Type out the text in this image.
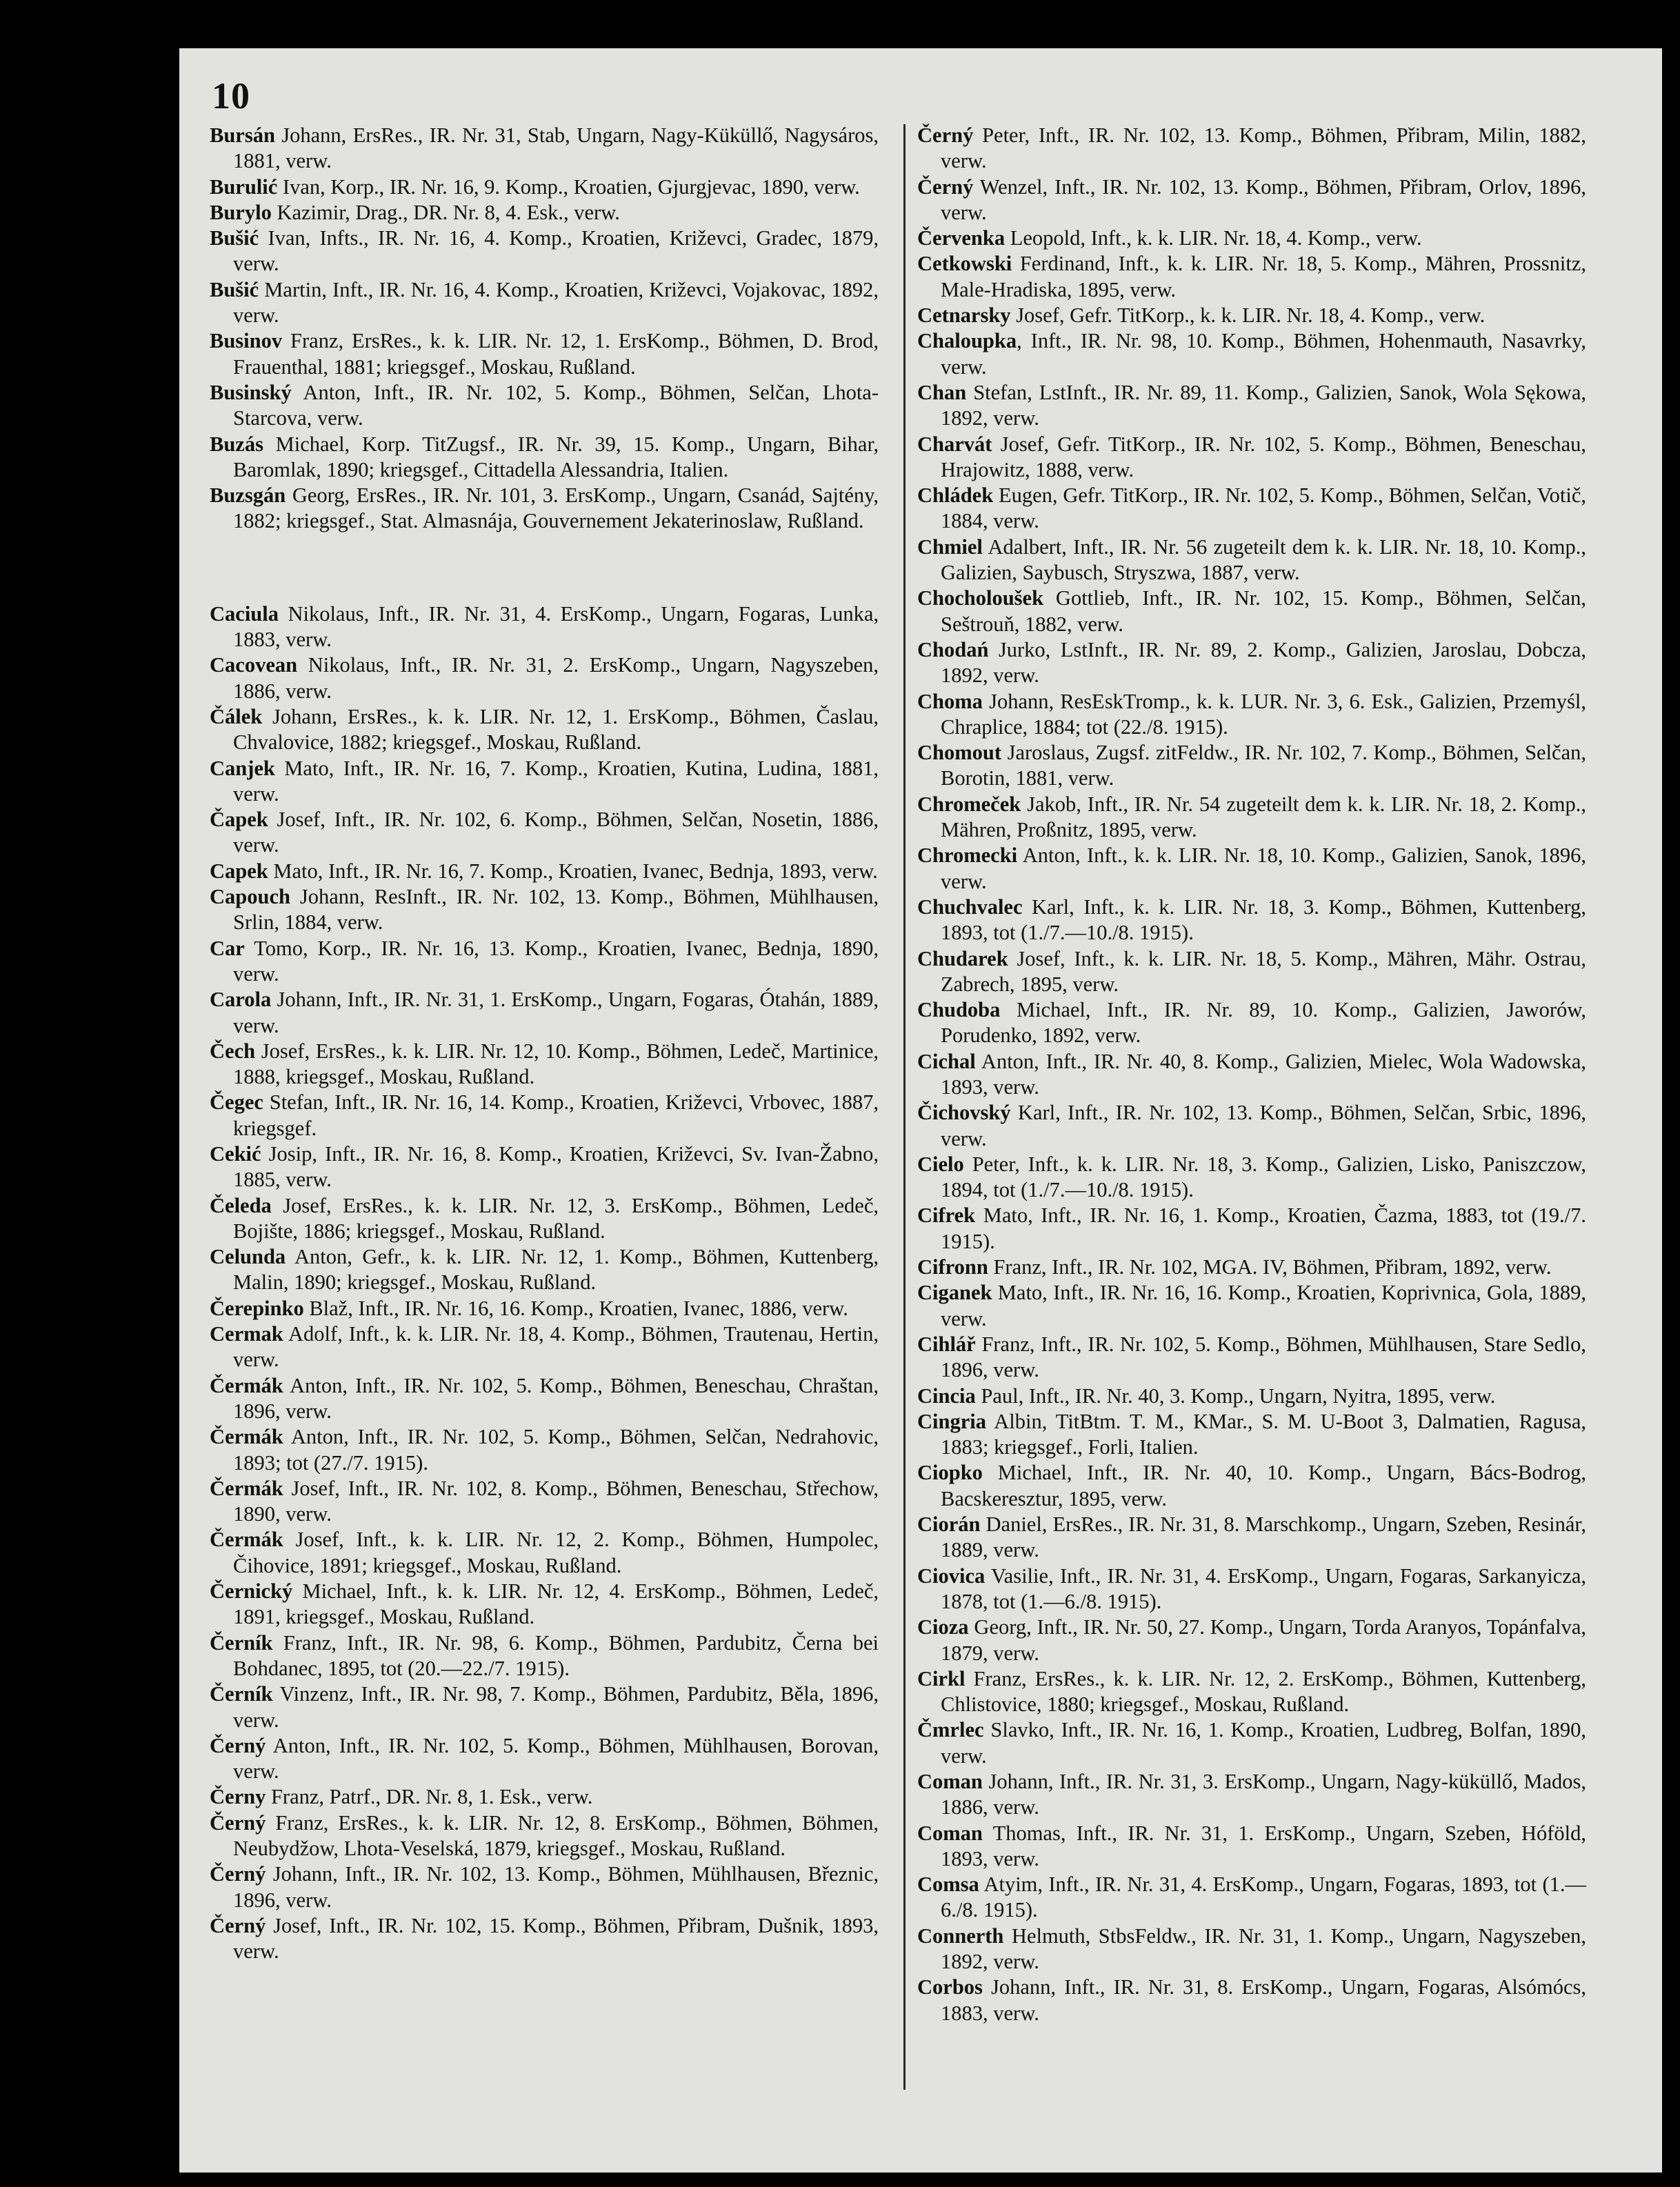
10
Bursán Johann, ErsRes., IR. Nr. 31, Stab, Ungarn, Nagy-Küküllő, Nagysáros, 1881, verw.
Burulić Ivan, Korp., IR. Nr. 16, 9. Komp., Kroatien, Gjurgjevac, 1890, verw.
Burylo Kazimir, Drag., DR. Nr. 8, 4. Esk., verw.
Bušić Ivan, Infts., IR. Nr. 16, 4. Komp., Kroatien, Križevci, Gradec, 1879, verw.
Bušić Martin, Inft., IR. Nr. 16, 4. Komp., Kroatien, Križevci, Vojakovac, 1892, verw.
Businov Franz, ErsRes., k. k. LIR. Nr. 12, 1. ErsKomp., Böhmen, D. Brod, Frauenthal, 1881; kriegsgef., Moskau, Rußland.
Businský Anton, Inft., IR. Nr. 102, 5. Komp., Böhmen, Selčan, Lhota-Starcova, verw.
Buzás Michael, Korp. TitZugsf., IR. Nr. 39, 15. Komp., Ungarn, Bihar, Baromlak, 1890; kriegsgef., Cittadella Alessandria, Italien.
Buzsgán Georg, ErsRes., IR. Nr. 101, 3. ErsKomp., Ungarn, Csanád, Sajtény, 1882; kriegsgef., Stat. Almasnája, Gouvernement Jekaterinoslaw, Rußland.
Caciula Nikolaus, Inft., IR. Nr. 31, 4. ErsKomp., Ungarn, Fogaras, Lunka, 1883, verw.
Cacovean Nikolaus, Inft., IR. Nr. 31, 2. ErsKomp., Ungarn, Nagyszeben, 1886, verw.
Čálek Johann, ErsRes., k. k. LIR. Nr. 12, 1. ErsKomp., Böhmen, Časlau, Chvalovice, 1882; kriegsgef., Moskau, Rußland.
Canjek Mato, Inft., IR. Nr. 16, 7. Komp., Kroatien, Kutina, Ludina, 1881, verw.
Čapek Josef, Inft., IR. Nr. 102, 6. Komp., Böhmen, Selčan, Nosetin, 1886, verw.
Capek Mato, Inft., IR. Nr. 16, 7. Komp., Kroatien, Ivanec, Bednja, 1893, verw.
Capouch Johann, ResInft., IR. Nr. 102, 13. Komp., Böhmen, Mühlhausen, Srlin, 1884, verw.
Car Tomo, Korp., IR. Nr. 16, 13. Komp., Kroatien, Ivanec, Bednja, 1890, verw.
Carola Johann, Inft., IR. Nr. 31, 1. ErsKomp., Ungarn, Fogaras, Ótahán, 1889, verw.
Čech Josef, ErsRes., k. k. LIR. Nr. 12, 10. Komp., Böhmen, Ledeč, Martinice, 1888, kriegsgef., Moskau, Rußland.
Čegec Stefan, Inft., IR. Nr. 16, 14. Komp., Kroatien, Križevci, Vrbovec, 1887, kriegsgef.
Cekić Josip, Inft., IR. Nr. 16, 8. Komp., Kroatien, Križevci, Sv. Ivan-Žabno, 1885, verw.
Čeleda Josef, ErsRes., k. k. LIR. Nr. 12, 3. ErsKomp., Böhmen, Ledeč, Bojište, 1886; kriegsgef., Moskau, Rußland.
Celunda Anton, Gefr., k. k. LIR. Nr. 12, 1. Komp., Böhmen, Kuttenberg, Malin, 1890; kriegsgef., Moskau, Rußland.
Čerepinko Blaž, Inft., IR. Nr. 16, 16. Komp., Kroatien, Ivanec, 1886, verw.
Cermak Adolf, Inft., k. k. LIR. Nr. 18, 4. Komp., Böhmen, Trautenau, Hertin, verw.
Čermák Anton, Inft., IR. Nr. 102, 5. Komp., Böhmen, Beneschau, Chraštan, 1896, verw.
Čermák Anton, Inft., IR. Nr. 102, 5. Komp., Böhmen, Selčan, Nedrahovic, 1893; tot (27./7. 1915).
Čermák Josef, Inft., IR. Nr. 102, 8. Komp., Böhmen, Beneschau, Střechow, 1890, verw.
Čermák Josef, Inft., k. k. LIR. Nr. 12, 2. Komp., Böhmen, Humpolec, Čihovice, 1891; kriegsgef., Moskau, Rußland.
Černický Michael, Inft., k. k. LIR. Nr. 12, 4. ErsKomp., Böhmen, Ledeč, 1891, kriegsgef., Moskau, Rußland.
Černík Franz, Inft., IR. Nr. 98, 6. Komp., Böhmen, Pardubitz, Černa bei Bohdanec, 1895, tot (20.—22./7. 1915).
Černík Vinzenz, Inft., IR. Nr. 98, 7. Komp., Böhmen, Pardubitz, Běla, 1896, verw.
Černý Anton, Inft., IR. Nr. 102, 5. Komp., Böhmen, Mühlhausen, Borovan, verw.
Černy Franz, Patrf., DR. Nr. 8, 1. Esk., verw.
Černý Franz, ErsRes., k. k. LIR. Nr. 12, 8. ErsKomp., Böhmen, Böhmen, Neubydžow, Lhota-Veselská, 1879, kriegsgef., Moskau, Rußland.
Černý Johann, Inft., IR. Nr. 102, 13. Komp., Böhmen, Mühlhausen, Březnic, 1896, verw.
Černý Josef, Inft., IR. Nr. 102, 15. Komp., Böhmen, Přibram, Dušnik, 1893, verw.
Černý Peter, Inft., IR. Nr. 102, 13. Komp., Böhmen, Přibram, Milin, 1882, verw.
Černý Wenzel, Inft., IR. Nr. 102, 13. Komp., Böhmen, Přibram, Orlov, 1896, verw.
Červenka Leopold, Inft., k. k. LIR. Nr. 18, 4. Komp., verw.
Cetkowski Ferdinand, Inft., k. k. LIR. Nr. 18, 5. Komp., Mähren, Prossnitz, Male-Hradiska, 1895, verw.
Cetnarsky Josef, Gefr. TitKorp., k. k. LIR. Nr. 18, 4. Komp., verw.
Chaloupka, Inft., IR. Nr. 98, 10. Komp., Böhmen, Hohenmauth, Nasavrky, verw.
Chan Stefan, LstInft., IR. Nr. 89, 11. Komp., Galizien, Sanok, Wola Sękowa, 1892, verw.
Charvát Josef, Gefr. TitKorp., IR. Nr. 102, 5. Komp., Böhmen, Beneschau, Hrajowitz, 1888, verw.
Chládek Eugen, Gefr. TitKorp., IR. Nr. 102, 5. Komp., Böhmen, Selčan, Votič, 1884, verw.
Chmiel Adalbert, Inft., IR. Nr. 56 zugeteilt dem k. k. LIR. Nr. 18, 10. Komp., Galizien, Saybusch, Stryszwa, 1887, verw.
Chocholoušek Gottlieb, Inft., IR. Nr. 102, 15. Komp., Böhmen, Selčan, Seštrouň, 1882, verw.
Chodań Jurko, LstInft., IR. Nr. 89, 2. Komp., Galizien, Jaroslau, Dobcza, 1892, verw.
Choma Johann, ResEskTromp., k. k. LUR. Nr. 3, 6. Esk., Galizien, Przemyśl, Chraplice, 1884; tot (22./8. 1915).
Chomout Jaroslaus, Zugsf. zitFeldw., IR. Nr. 102, 7. Komp., Böhmen, Selčan, Borotin, 1881, verw.
Chromeček Jakob, Inft., IR. Nr. 54 zugeteilt dem k. k. LIR. Nr. 18, 2. Komp., Mähren, Proßnitz, 1895, verw.
Chromecki Anton, Inft., k. k. LIR. Nr. 18, 10. Komp., Galizien, Sanok, 1896, verw.
Chuchvalec Karl, Inft., k. k. LIR. Nr. 18, 3. Komp., Böhmen, Kuttenberg, 1893, tot (1./7.—10./8. 1915).
Chudarek Josef, Inft., k. k. LIR. Nr. 18, 5. Komp., Mähren, Mähr. Ostrau, Zabrech, 1895, verw.
Chudoba Michael, Inft., IR. Nr. 89, 10. Komp., Galizien, Jaworów, Porudenko, 1892, verw.
Cichal Anton, Inft., IR. Nr. 40, 8. Komp., Galizien, Mielec, Wola Wadowska, 1893, verw.
Čichovský Karl, Inft., IR. Nr. 102, 13. Komp., Böhmen, Selčan, Srbic, 1896, verw.
Cielo Peter, Inft., k. k. LIR. Nr. 18, 3. Komp., Galizien, Lisko, Paniszczow, 1894, tot (1./7.—10./8. 1915).
Cifrek Mato, Inft., IR. Nr. 16, 1. Komp., Kroatien, Čazma, 1883, tot (19./7. 1915).
Cifronn Franz, Inft., IR. Nr. 102, MGA. IV, Böhmen, Přibram, 1892, verw.
Ciganek Mato, Inft., IR. Nr. 16, 16. Komp., Kroatien, Koprivnica, Gola, 1889, verw.
Cihlář Franz, Inft., IR. Nr. 102, 5. Komp., Böhmen, Mühlhausen, Stare Sedlo, 1896, verw.
Cincia Paul, Inft., IR. Nr. 40, 3. Komp., Ungarn, Nyitra, 1895, verw.
Cingria Albin, TitBtm. T. M., KMar., S. M. U-Boot 3, Dalmatien, Ragusa, 1883; kriegsgef., Forli, Italien.
Ciopko Michael, Inft., IR. Nr. 40, 10. Komp., Ungarn, Bács-Bodrog, Bacskeresztur, 1895, verw.
Ciorán Daniel, ErsRes., IR. Nr. 31, 8. Marschkomp., Ungarn, Szeben, Resinár, 1889, verw.
Ciovica Vasilie, Inft., IR. Nr. 31, 4. ErsKomp., Ungarn, Fogaras, Sarkanyicza, 1878, tot (1.—6./8. 1915).
Cioza Georg, Inft., IR. Nr. 50, 27. Komp., Ungarn, Torda Aranyos, Topánfalva, 1879, verw.
Cirkl Franz, ErsRes., k. k. LIR. Nr. 12, 2. ErsKomp., Böhmen, Kuttenberg, Chlistovice, 1880; kriegsgef., Moskau, Rußland.
Čmrlec Slavko, Inft., IR. Nr. 16, 1. Komp., Kroatien, Ludbreg, Bolfan, 1890, verw.
Coman Johann, Inft., IR. Nr. 31, 3. ErsKomp., Ungarn, Nagy-küküllő, Mados, 1886, verw.
Coman Thomas, Inft., IR. Nr. 31, 1. ErsKomp., Ungarn, Szeben, Hóföld, 1893, verw.
Comsa Atyim, Inft., IR. Nr. 31, 4. ErsKomp., Ungarn, Fogaras, 1893, tot (1.—6./8. 1915).
Connerth Helmuth, StbsFeldw., IR. Nr. 31, 1. Komp., Ungarn, Nagyszeben, 1892, verw.
Corbos Johann, Inft., IR. Nr. 31, 8. ErsKomp., Ungarn, Fogaras, Alsómócs, 1883, verw.
